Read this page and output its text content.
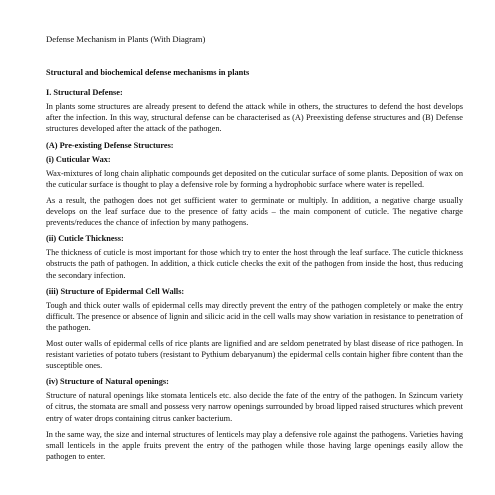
Defense Mechanism in Plants (With Diagram)
Structural and biochemical defense mechanisms in plants
I. Structural Defense:

In plants some structures are already present to defend the attack while in others, the structures to defend the host develops after the infection. In this way, structural defense can be characterised as (A) Preexisting defense structures and (B) Defense structures developed after the attack of the pathogen.

(A) Pre-existing Defense Structures:
(i) Cuticular Wax:

Wax-mixtures of long chain aliphatic compounds get deposited on the cuticular surface of some plants. Deposition of wax on the cuticular surface is thought to play a defensive role by forming a hydrophobic surface where water is repelled.

As a result, the pathogen does not get sufficient water to germinate or multiply. In addition, a negative charge usually develops on the leaf surface due to the presence of fatty acids – the main component of cuticle. The negative charge prevents/reduces the chance of infection by many pathogens.

(ii) Cuticle Thickness:

The thickness of cuticle is most important for those which try to enter the host through the leaf surface. The cuticle thickness obstructs the path of pathogen. In addition, a thick cuticle checks the exit of the pathogen from inside the host, thus reducing the secondary infection.

(iii) Structure of Epidermal Cell Walls:

Tough and thick outer walls of epidermal cells may directly prevent the entry of the pathogen completely or make the entry difficult. The presence or absence of lignin and silicic acid in the cell walls may show variation in resistance to penetration of the pathogen.

Most outer walls of epidermal cells of rice plants are lignified and are seldom penetrated by blast disease of rice pathogen. In resistant varieties of potato tubers (resistant to Pythium debaryanum) the epidermal cells contain higher fibre content than the susceptible ones.

(iv) Structure of Natural openings:

Structure of natural openings like stomata lenticels etc. also decide the fate of the entry of the pathogen. In Szincum variety of citrus, the stomata are small and possess very narrow openings surrounded by broad lipped raised structures which prevent entry of water drops containing citrus canker bacterium.

In the same way, the size and internal structures of lenticels may play a defensive role against the pathogens. Varieties having small lenticels in the apple fruits prevent the entry of the pathogen while those having large openings easily allow the pathogen to enter.
